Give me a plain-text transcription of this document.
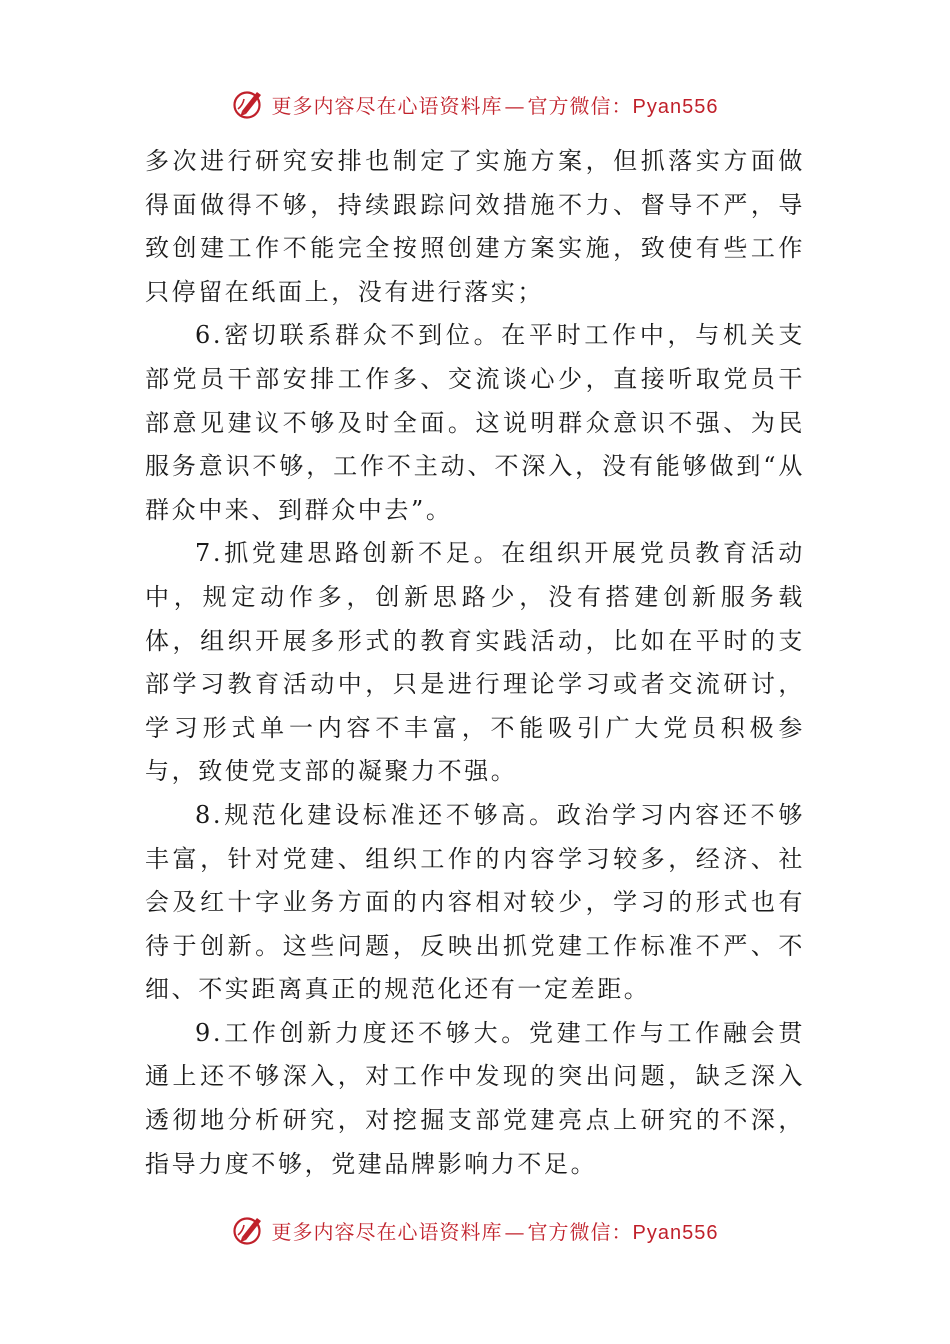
更多内容尽在心语资料库 — 官方微信：Pyan556

多次进行研究安排也制定了实施方案，但抓落实方面做得面做得不够，持续跟踪问效措施不力、督导不严，导致创建工作不能完全按照创建方案实施，致使有些工作只停留在纸面上，没有进行落实；

6.密切联系群众不到位。在平时工作中，与机关支部党员干部安排工作多、交流谈心少，直接听取党员干部意见建议不够及时全面。这说明群众意识不强、为民服务意识不够，工作不主动、不深入，没有能够做到“从群众中来、到群众中去”。

7.抓党建思路创新不足。在组织开展党员教育活动中，规定动作多，创新思路少，没有搭建创新服务载体，组织开展多形式的教育实践活动，比如在平时的支部学习教育活动中，只是进行理论学习或者交流研讨，学习形式单一内容不丰富，不能吸引广大党员积极参与，致使党支部的凝聚力不强。

8.规范化建设标准还不够高。政治学习内容还不够丰富，针对党建、组织工作的内容学习较多，经济、社会及红十字业务方面的内容相对较少，学习的形式也有待于创新。这些问题，反映出抓党建工作标准不严、不细、不实距离真正的规范化还有一定差距。

9.工作创新力度还不够大。党建工作与工作融会贯通上还不够深入，对工作中发现的突出问题，缺乏深入透彻地分析研究，对挖掘支部党建亮点上研究的不深，指导力度不够，党建品牌影响力不足。

更多内容尽在心语资料库 — 官方微信：Pyan556
